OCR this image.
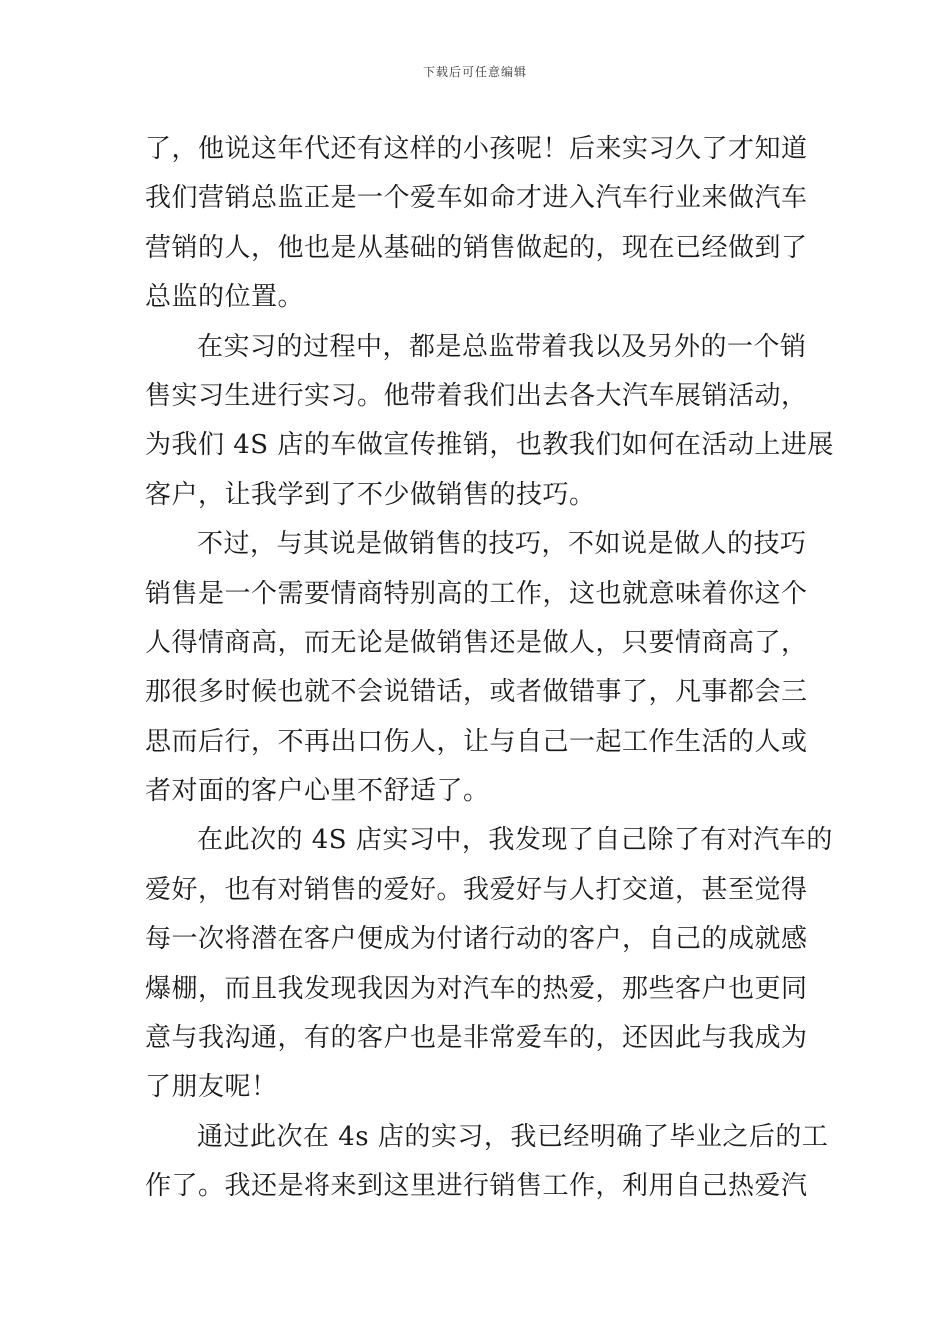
下载后可任意编辑
了，他说这年代还有这样的小孩呢！后来实习久了才知道
我们营销总监正是一个爱车如命才进入汽车行业来做汽车
营销的人，他也是从基础的销售做起的，现在已经做到了
总监的位置。
在实习的过程中，都是总监带着我以及另外的一个销
售实习生进行实习。他带着我们出去各大汽车展销活动，
为我们 4S 店的车做宣传推销，也教我们如何在活动上进展
客户，让我学到了不少做销售的技巧。
不过，与其说是做销售的技巧，不如说是做人的技巧
销售是一个需要情商特别高的工作，这也就意味着你这个
人得情商高，而无论是做销售还是做人，只要情商高了，
那很多时候也就不会说错话，或者做错事了，凡事都会三
思而后行，不再出口伤人，让与自己一起工作生活的人或
者对面的客户心里不舒适了。
在此次的 4S 店实习中，我发现了自己除了有对汽车的
爱好，也有对销售的爱好。我爱好与人打交道，甚至觉得
每一次将潜在客户便成为付诸行动的客户，自己的成就感
爆棚，而且我发现我因为对汽车的热爱，那些客户也更同
意与我沟通，有的客户也是非常爱车的，还因此与我成为
了朋友呢！
通过此次在 4s 店的实习，我已经明确了毕业之后的工
作了。我还是将来到这里进行销售工作，利用自己热爱汽
